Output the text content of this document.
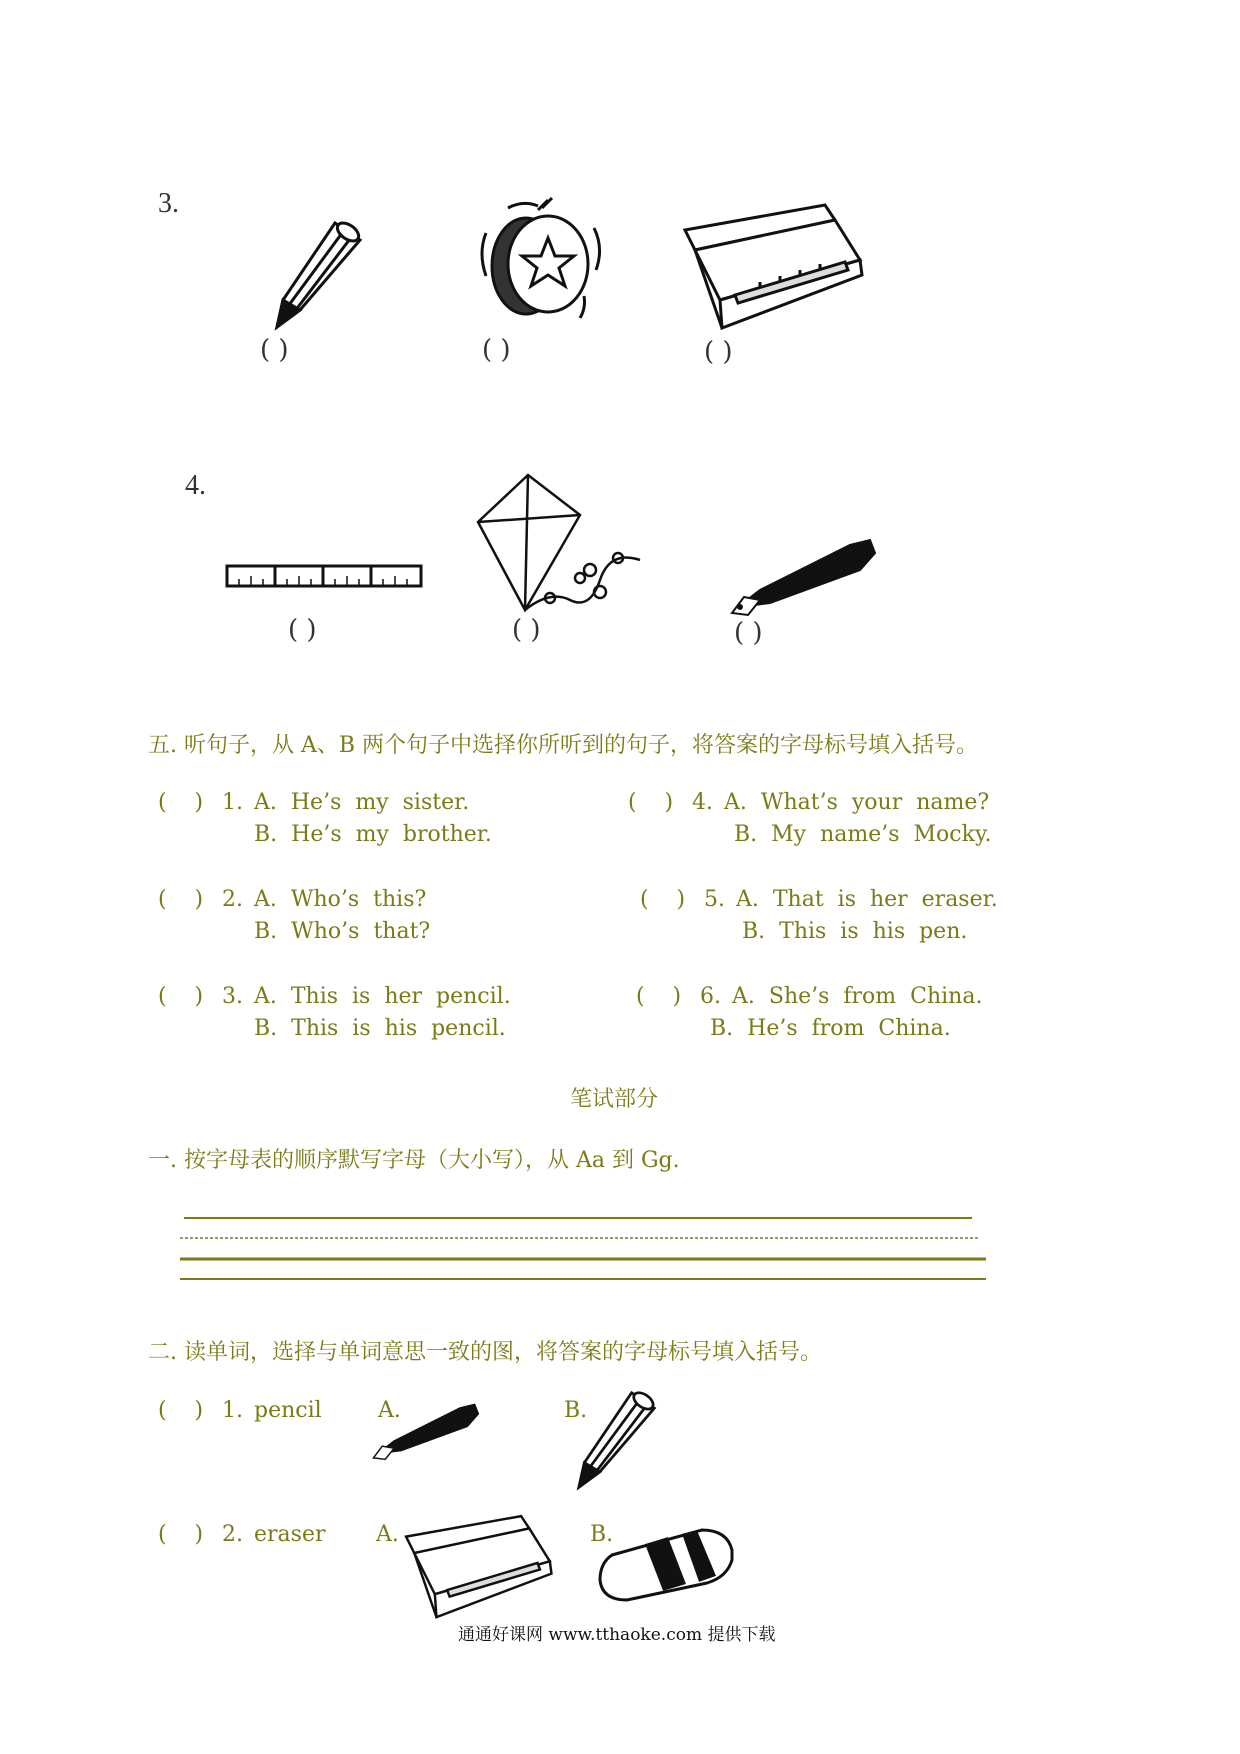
3.
( )	( )	( )
4.
( )	( )	( )
五. 听句子，从 A、B 两个句子中选择你所听到的句子，将答案的字母标号填入括号。
(    ) 1. A.  He’s  my  sister.
B.  He’s  my  brother.
(    ) 4. A.  What’s  your  name?
B.  My  name’s  Mocky.
(    ) 2. A.  Who’s  this?
B.  Who’s  that?
(    ) 5. A.  That  is  her  eraser.
B.  This  is  his  pen.
(    ) 3. A.  This  is  her  pencil.
B.  This  is  his  pencil.
(    ) 6. A.  She’s  from  China.
B.  He’s  from  China.
笔试部分
一. 按字母表的顺序默写字母（大小写），从 Aa 到 Gg.
二. 读单词，选择与单词意思一致的图，将答案的字母标号填入括号。
(    ) 1. pencil	A.	B.
(    ) 2. eraser A.	B.
通通好课网 www.tthaoke.com 提供下载
